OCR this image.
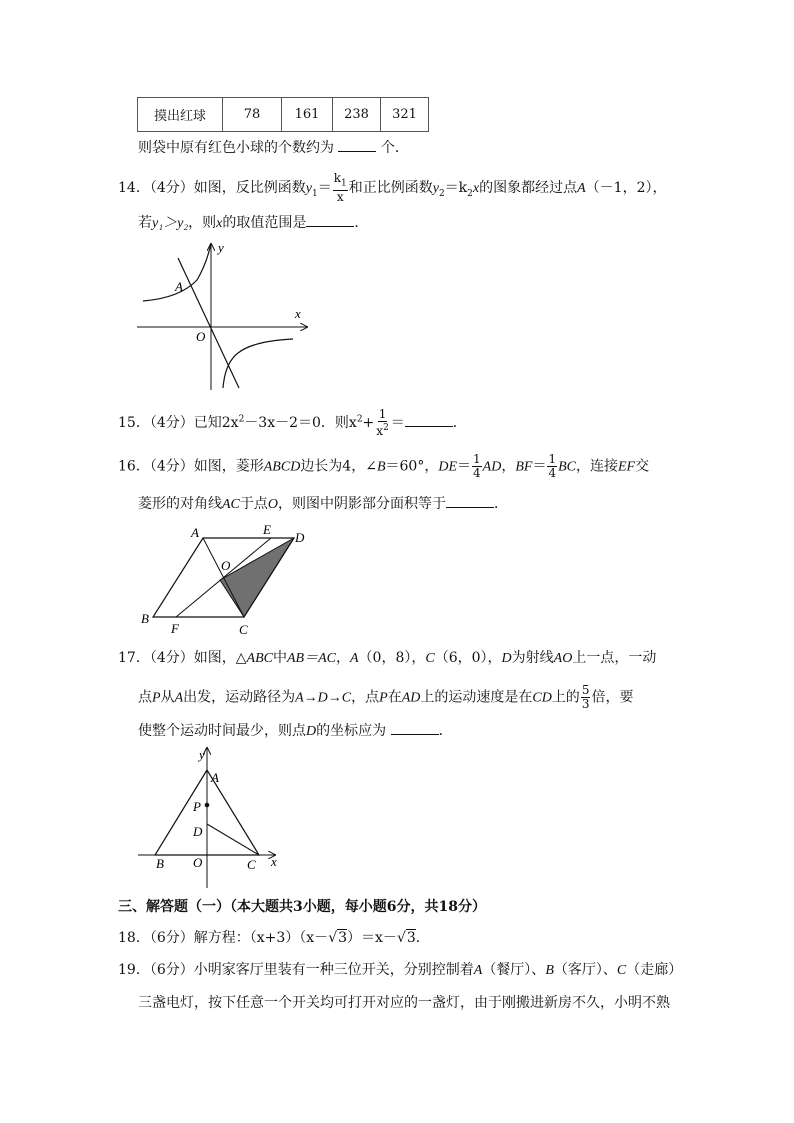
摸出红球	78	161	238	321
则袋中原有红色小球的个数约为	个．
14．（4分）如图，反比例函数$y_1= \frac{k_1}{x}$ 和正比例函数$y_2=k_2x$的图象都经过点A（－1，2），
若y₁＞y₂，则x的取值范围是	．
x
y
O
A
15．（4分）已知$2x^2-3x-2=0$．则$x^2+ \frac{1}{x^2}$ ＝	．
16．（4分）如图，菱形ABCD边长为4，∠B＝60°，$DE= \frac{1}{4}$ AD，$BF= \frac{1}{4}$ BC，连接EF交
菱形的对角线AC于点O，则图中阴影部分面积等于	．
A	E
D
O
B
F	C
17．（4分）如图，△ABC中AB＝AC，A（0，8），C（6，0），D为射线AO上一点，一动
点P从A出发，运动路径为A→D→C，点P在AD上的运动速度是在CD上的 $\frac{5}{3}$ 倍，要
使整个运动时间最少，则点D的坐标应为	．
y
A
P
D
B O	C x
三、解答题（一）（本大题共3小题，每小题6分，共18分）
18．（6分）解方程：（x+3）（x－√3）＝x－√3．
19．（6分）小明家客厅里装有一种三位开关，分别控制着A（餐厅）、B（客厅）、C（走廊）
三盏电灯，按下任意一个开关均可打开对应的一盏灯，由于刚搬进新房不久，小明不熟
